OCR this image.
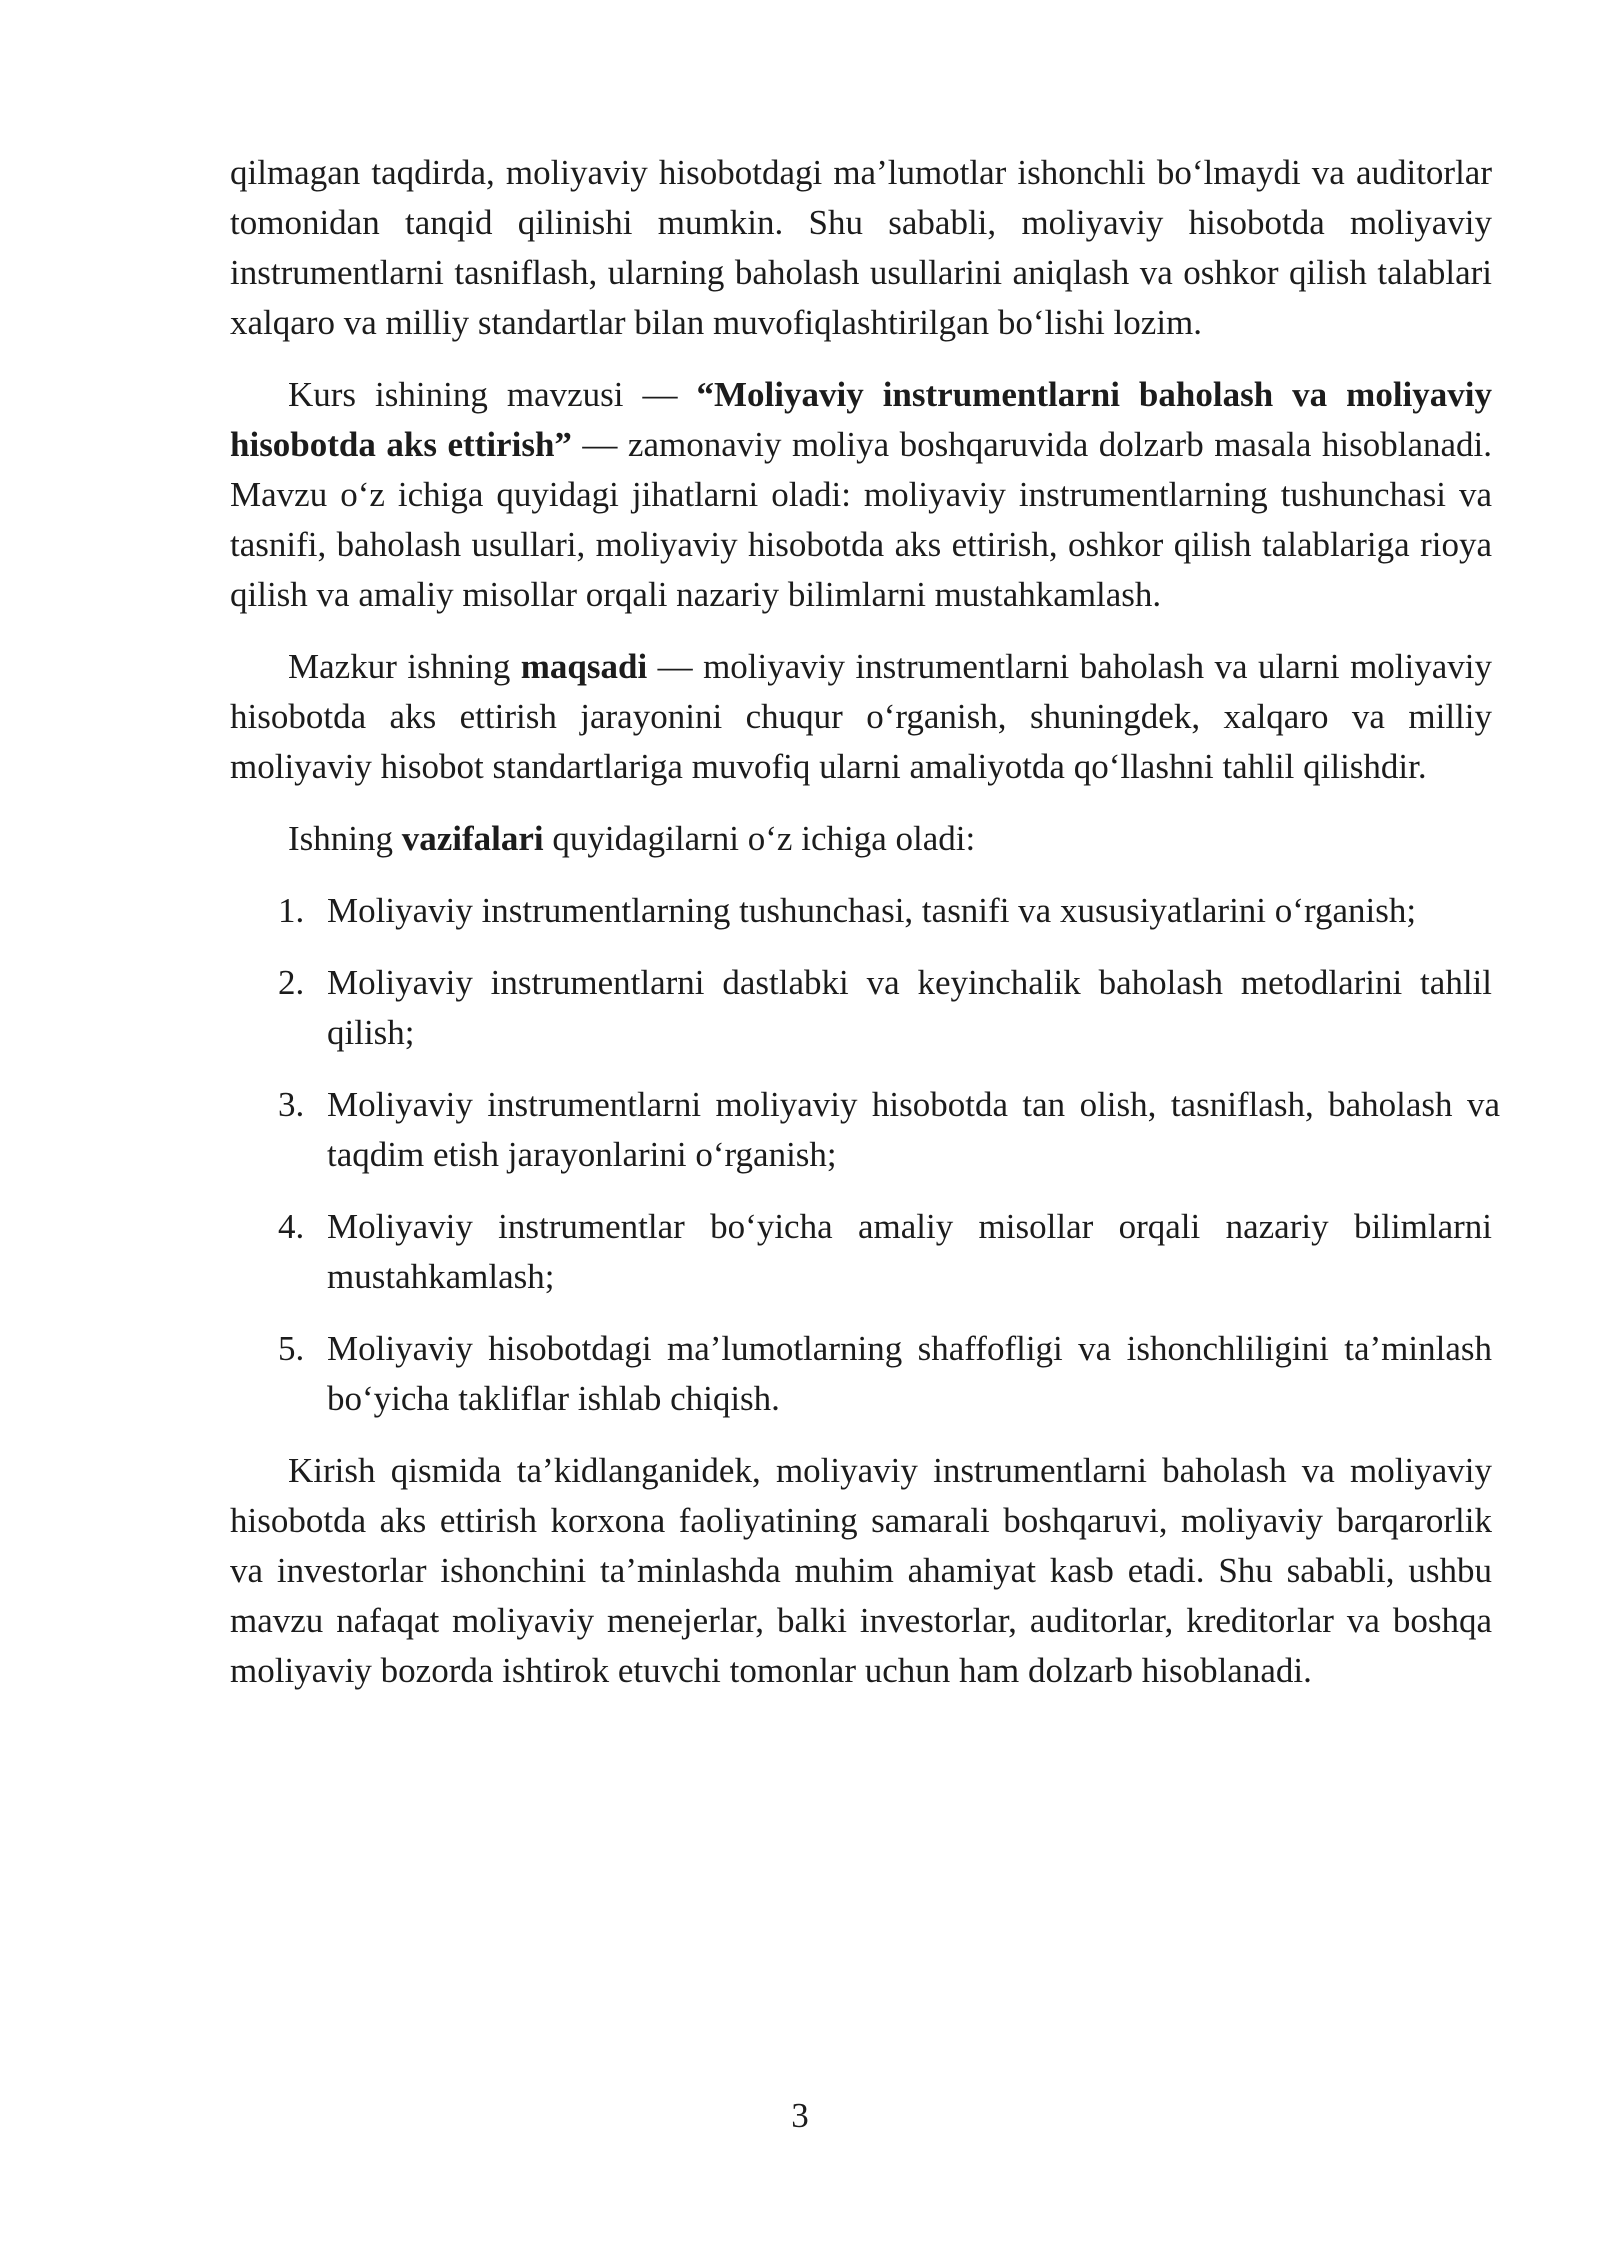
qilmagan taqdirda, moliyaviy hisobotdagi ma’lumotlar ishonchli bo‘lmaydi va auditorlar tomonidan tanqid qilinishi mumkin. Shu sababli, moliyaviy hisobotda moliyaviy instrumentlarni tasniflash, ularning baholash usullarini aniqlash va oshkor qilish talablari xalqaro va milliy standartlar bilan muvofiqlashtirilgan bo‘lishi lozim.

Kurs ishining mavzusi — “Moliyaviy instrumentlarni baholash va moliyaviy hisobotda aks ettirish” — zamonaviy moliya boshqaruvida dolzarb masala hisoblanadi. Mavzu o‘z ichiga quyidagi jihatlarni oladi: moliyaviy instrumentlarning tushunchasi va tasnifi, baholash usullari, moliyaviy hisobotda aks ettirish, oshkor qilish talablariga rioya qilish va amaliy misollar orqali nazariy bilimlarni mustahkamlash.

Mazkur ishning maqsadi — moliyaviy instrumentlarni baholash va ularni moliyaviy hisobotda aks ettirish jarayonini chuqur o‘rganish, shuningdek, xalqaro va milliy moliyaviy hisobot standartlariga muvofiq ularni amaliyotda qo‘llashni tahlil qilishdir.

Ishning vazifalari quyidagilarni o‘z ichiga oladi:

1. Moliyaviy instrumentlarning tushunchasi, tasnifi va xususiyatlarini o‘rganish;
2. Moliyaviy instrumentlarni dastlabki va keyinchalik baholash metodlarini tahlil qilish;
3. Moliyaviy instrumentlarni moliyaviy hisobotda tan olish, tasniflash, baholash va taqdim etish jarayonlarini o‘rganish;
4. Moliyaviy instrumentlar bo‘yicha amaliy misollar orqali nazariy bilimlarni mustahkamlash;
5. Moliyaviy hisobotdagi ma’lumotlarning shaffofligi va ishonchliligini ta’minlash bo‘yicha takliflar ishlab chiqish.

Kirish qismida ta’kidlanganidek, moliyaviy instrumentlarni baholash va moliyaviy hisobotda aks ettirish korxona faoliyatining samarali boshqaruvi, moliyaviy barqarorlik va investorlar ishonchini ta’minlashda muhim ahamiyat kasb etadi. Shu sababli, ushbu mavzu nafaqat moliyaviy menejerlar, balki investorlar, auditorlar, kreditorlar va boshqa moliyaviy bozorda ishtirok etuvchi tomonlar uchun ham dolzarb hisoblanadi.

3
